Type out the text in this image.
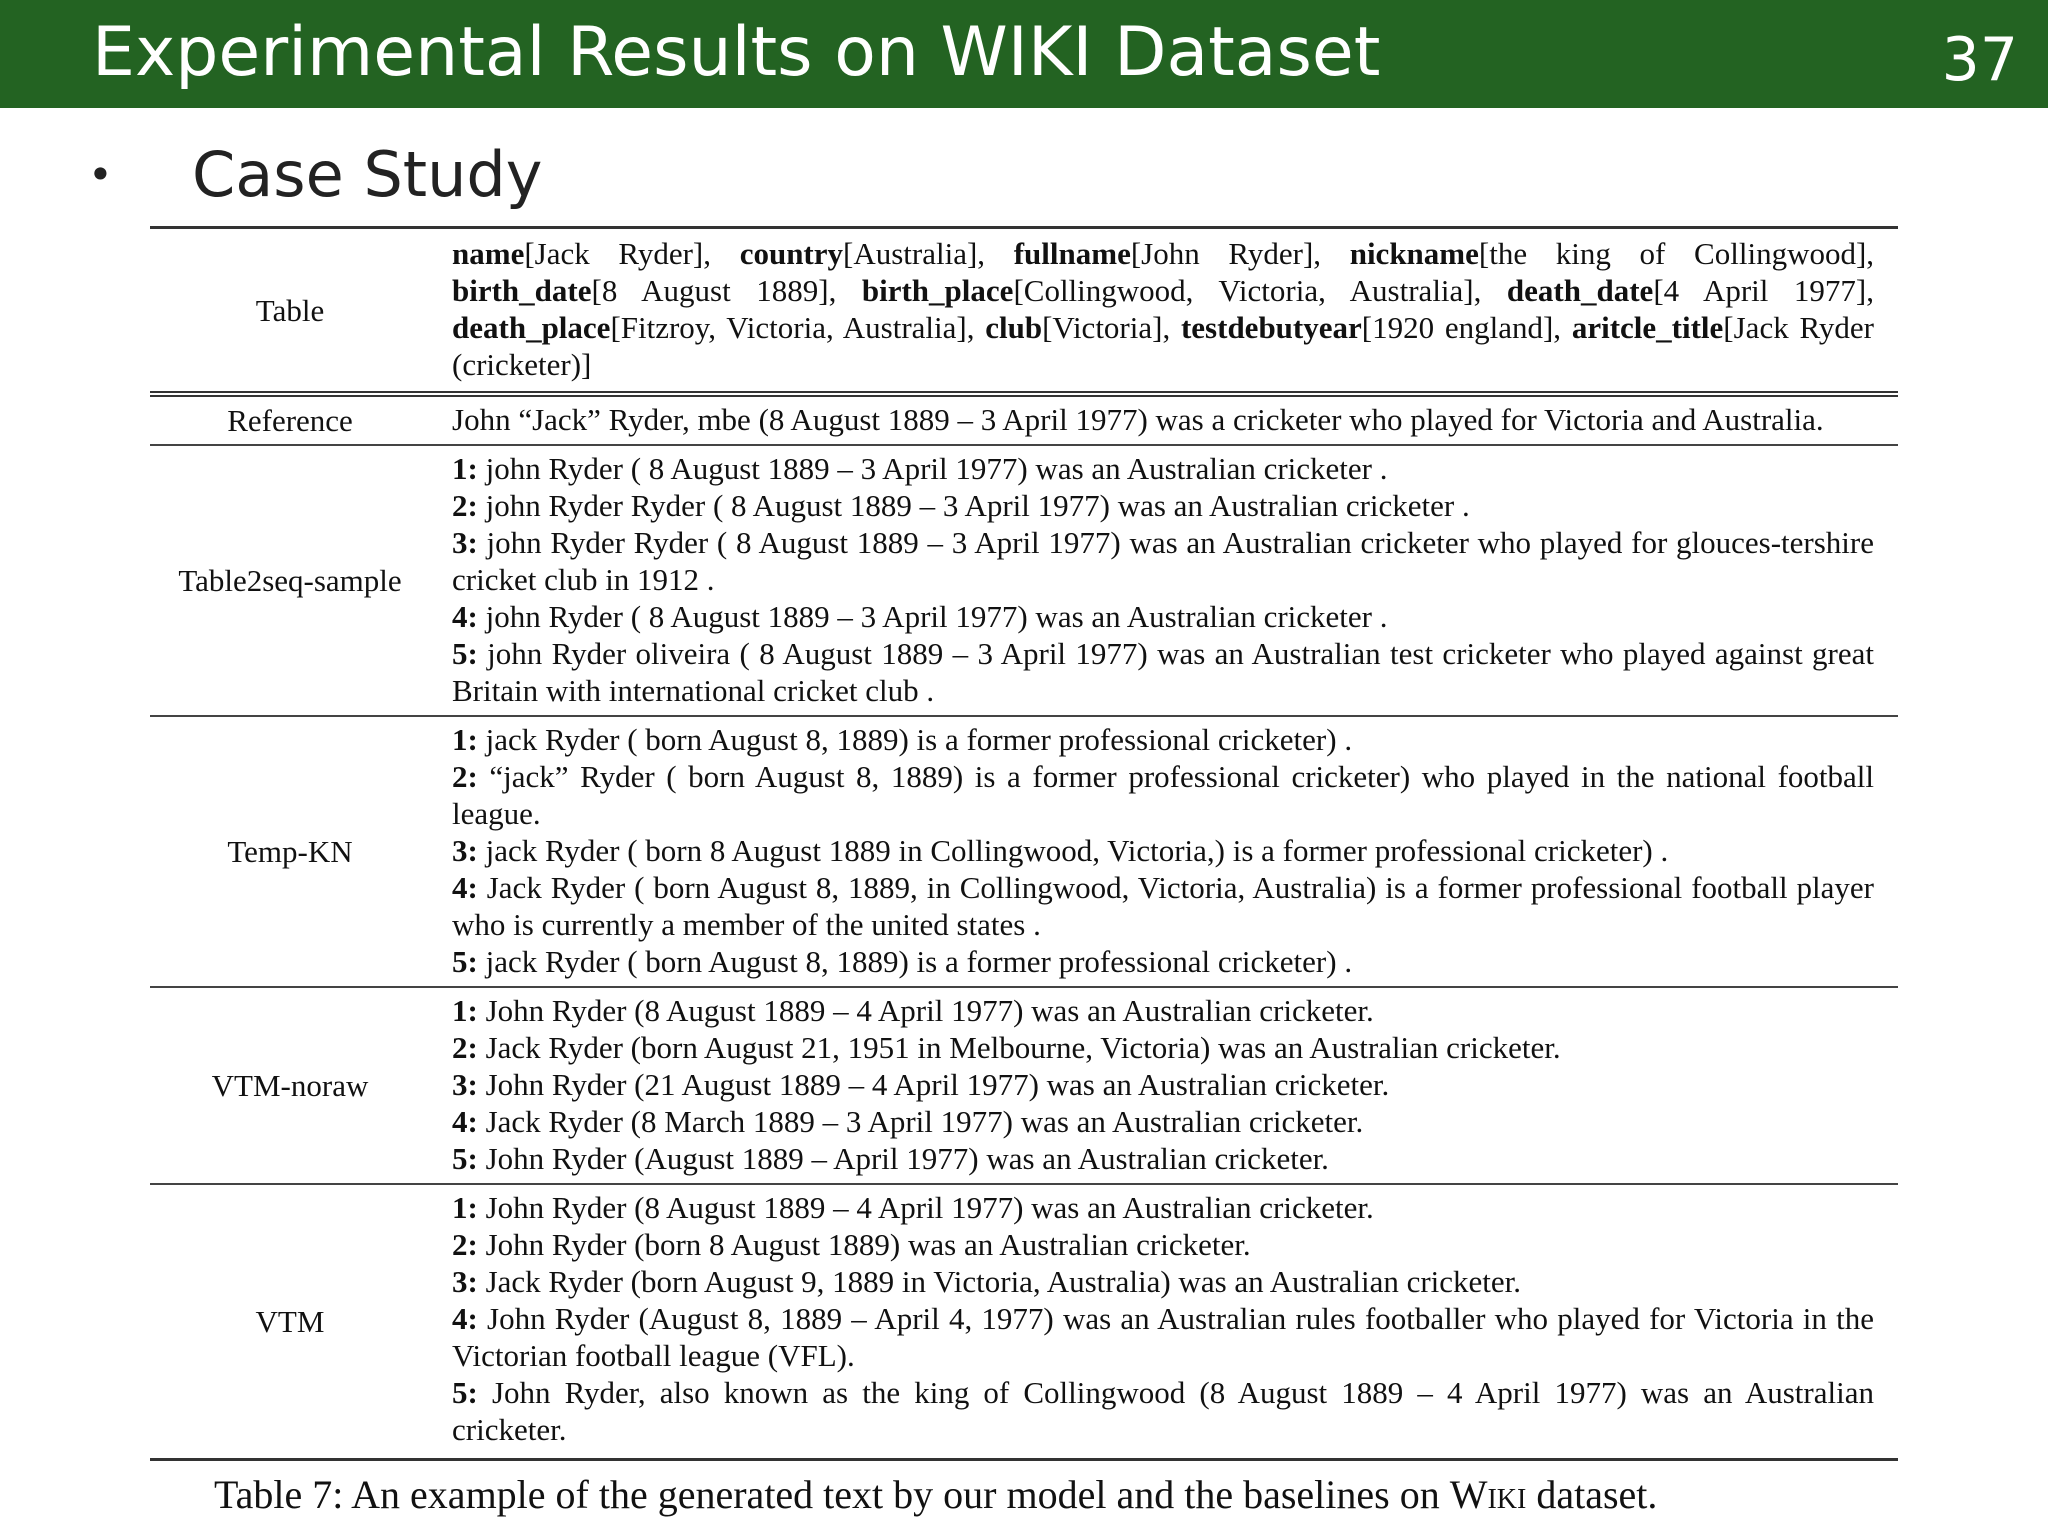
Experimental Results on WIKI Dataset	37
• Case Study
Table	name[Jack Ryder], country[Australia], fullname[John Ryder], nickname[the king of Collingwood], birth_date[8 August 1889], birth_place[Collingwood, Victoria, Australia], death_date[4 April 1977], death_place[Fitzroy, Victoria, Australia], club[Victoria], testdebutyear[1920 england], aritcle_title[Jack Ryder (cricketer)]
Reference	John “Jack” Ryder, mbe (8 August 1889 – 3 April 1977) was a cricketer who played for Victoria and Australia.
Table2seq-sample	1: john Ryder ( 8 August 1889 – 3 April 1977) was an Australian cricketer .
2: john Ryder Ryder ( 8 August 1889 – 3 April 1977) was an Australian cricketer .
3: john Ryder Ryder ( 8 August 1889 – 3 April 1977) was an Australian cricketer who played for glouces-tershire cricket club in 1912 .
4: john Ryder ( 8 August 1889 – 3 April 1977) was an Australian cricketer .
5: john Ryder oliveira ( 8 August 1889 – 3 April 1977) was an Australian test cricketer who played against great Britain with international cricket club .

Temp-KN	1: jack Ryder ( born August 8, 1889) is a former professional cricketer) .
2: “jack” Ryder ( born August 8, 1889) is a former professional cricketer) who played in the national football league.
3: jack Ryder ( born 8 August 1889 in Collingwood, Victoria,) is a former professional cricketer) .
4: Jack Ryder ( born August 8, 1889, in Collingwood, Victoria, Australia) is a former professional football player who is currently a member of the united states .
5: jack Ryder ( born August 8, 1889) is a former professional cricketer) .

VTM-noraw	1: John Ryder (8 August 1889 – 4 April 1977) was an Australian cricketer.
2: Jack Ryder (born August 21, 1951 in Melbourne, Victoria) was an Australian cricketer.
3: John Ryder (21 August 1889 – 4 April 1977) was an Australian cricketer.
4: Jack Ryder (8 March 1889 – 3 April 1977) was an Australian cricketer.
5: John Ryder (August 1889 – April 1977) was an Australian cricketer.

VTM	1: John Ryder (8 August 1889 – 4 April 1977) was an Australian cricketer.
2: John Ryder (born 8 August 1889) was an Australian cricketer.
3: Jack Ryder (born August 9, 1889 in Victoria, Australia) was an Australian cricketer.
4: John Ryder (August 8, 1889 – April 4, 1977) was an Australian rules footballer who played for Victoria in the Victorian football league (VFL).
5: John Ryder, also known as the king of Collingwood (8 August 1889 – 4 April 1977) was an Australian cricketer.
Table 7: An example of the generated text by our model and the baselines on Wiki dataset.
